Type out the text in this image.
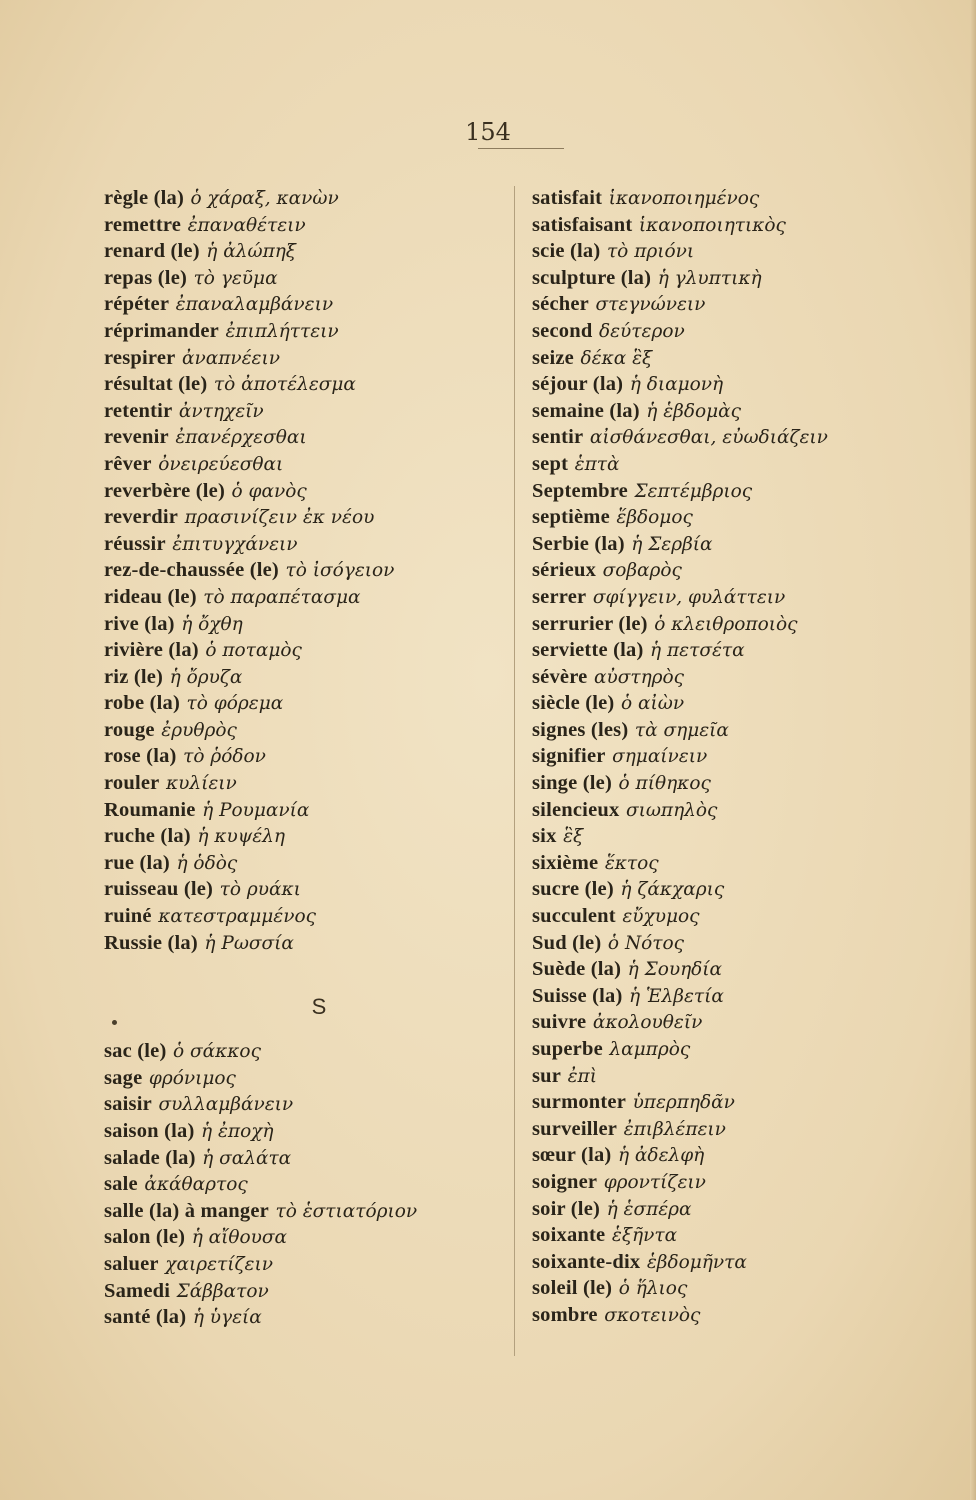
154
règle (la) ὁ χάραξ, κανὼν
remettre ἐπαναθέτειν
renard (le) ἡ ἀλώπηξ
repas (le) τὸ γεῦμα
répéter ἐπαναλαμβάνειν
réprimander ἐπιπλήττειν
respirer ἀναπνέειν
résultat (le) τὸ ἀποτέλεσμα
retentir ἀντηχεῖν
revenir ἐπανέρχεσθαι
rêver ὀνειρεύεσθαι
reverbère (le) ὁ φανὸς
reverdir πρασινίζειν ἐκ νέου
réussir ἐπιτυγχάνειν
rez-de-chaussée (le) τὸ ἰσόγειον
rideau (le) τὸ παραπέτασμα
rive (la) ἡ ὄχθη
rivière (la) ὁ ποταμὸς
riz (le) ἡ ὄρυζα
robe (la) τὸ φόρεμα
rouge ἐρυθρὸς
rose (la) τὸ ῥόδον
rouler κυλίειν
Roumanie ἡ Ρουμανία
ruche (la) ἡ κυψέλη
rue (la) ἡ ὁδὸς
ruisseau (le) τὸ ρυάκι
ruiné κατεστραμμένος
Russie (la) ἡ Ρωσσία
S
sac (le) ὁ σάκκος
sage φρόνιμος
saisir συλλαμβάνειν
saison (la) ἡ ἐποχὴ
salade (la) ἡ σαλάτα
sale ἀκάθαρτος
salle (la) à manger τὸ ἑστιατόριον
salon (le) ἡ αἴθουσα
saluer χαιρετίζειν
Samedi Σάββατον
santé (la) ἡ ὑγεία
satisfait ἱκανοποιημένος
satisfaisant ἱκανοποιητικὸς
scie (la) τὸ πριόνι
sculpture (la) ἡ γλυπτικὴ
sécher στεγνώνειν
second δεύτερον
seize δέκα ἓξ
séjour (la) ἡ διαμονὴ
semaine (la) ἡ ἑβδομὰς
sentir αἰσθάνεσθαι, εὐωδιάζειν
sept ἑπτὰ
Septembre Σεπτέμβριος
septième ἕβδομος
Serbie (la) ἡ Σερβία
sérieux σοβαρὸς
serrer σφίγγειν, φυλάττειν
serrurier (le) ὁ κλειθροποιὸς
serviette (la) ἡ πετσέτα
sévère αὐστηρὸς
siècle (le) ὁ αἰὼν
signes (les) τὰ σημεῖα
signifier σημαίνειν
singe (le) ὁ πίθηκος
silencieux σιωπηλὸς
six ἓξ
sixième ἕκτος
sucre (le) ἡ ζάκχαρις
succulent εὔχυμος
Sud (le) ὁ Νότος
Suède (la) ἡ Σουηδία
Suisse (la) ἡ Ἑλβετία
suivre ἀκολουθεῖν
superbe λαμπρὸς
sur ἐπὶ
surmonter ὑπερπηδᾶν
surveiller ἐπιβλέπειν
sœur (la) ἡ ἀδελφὴ
soigner φροντίζειν
soir (le) ἡ ἑσπέρα
soixante ἑξῆντα
soixante-dix ἑβδομῆντα
soleil (le) ὁ ἥλιος
sombre σκοτεινὸς
